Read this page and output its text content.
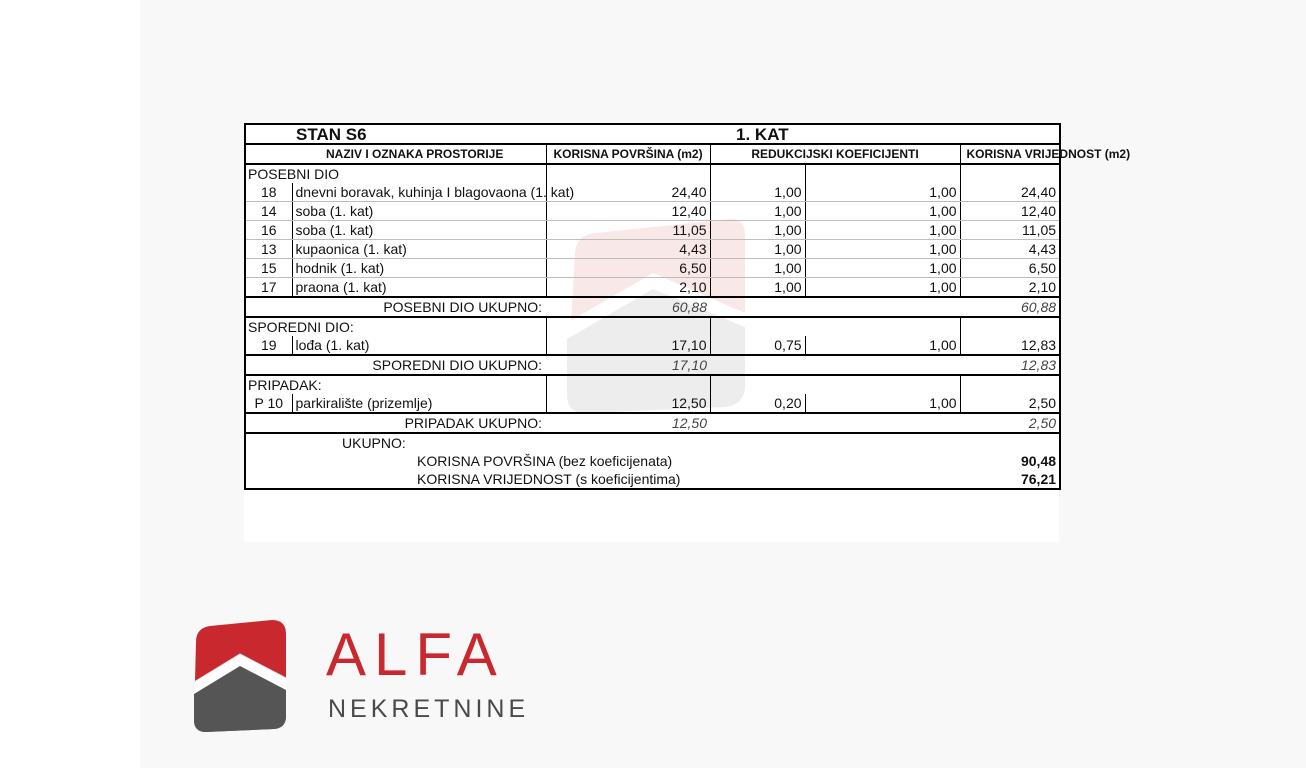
STAN S6		1. KAT			
NAZIV I OZNAKA PROSTORIJE		KORISNA POVRŠINA (m2)	REDUKCIJSKI KOEFICIJENTI		KORISNA VRIJEDNOST (m2)
POSEBNI DIO					
18	dnevni boravak, kuhinja I blagovaona (1. kat)	24,40	1,00	1,00	24,40
14	soba (1. kat)	12,40	1,00	1,00	12,40
16	soba (1. kat)	11,05	1,00	1,00	11,05
13	kupaonica (1. kat)	4,43	1,00	1,00	4,43
15	hodnik (1. kat)	6,50	1,00	1,00	6,50
17	praona (1. kat)	2,10	1,00	1,00	2,10
POSEBNI DIO UKUPNO:		60,88			60,88
SPOREDNI DIO:					
19	lođa (1. kat)	17,10	0,75	1,00	12,83
SPOREDNI DIO UKUPNO:		17,10			12,83
PRIPADAK:					
P 10	parkiralište (prizemlje)	12,50	0,20	1,00	2,50
PRIPADAK UKUPNO:		12,50			2,50
UKUPNO:					
	KORISNA POVRŠINA (bez koeficijenata)				90,48
	KORISNA VRIJEDNOST (s koeficijentima)				76,21
ALFA
NEKRETNINE
